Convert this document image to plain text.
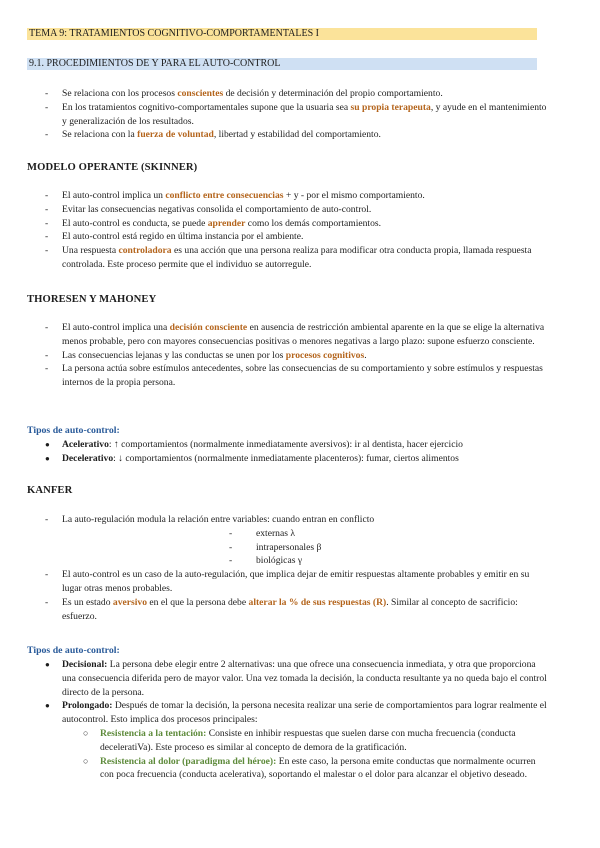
TEMA 9: TRATAMIENTOS COGNITIVO-COMPORTAMENTALES I
9.1. PROCEDIMIENTOS DE Y PARA EL AUTO-CONTROL
- Se relaciona con los procesos conscientes de decisión y determinación del propio comportamiento.
- En los tratamientos cognitivo-comportamentales supone que la usuaria sea su propia terapeuta, y ayude en el mantenimiento y generalización de los resultados.
- Se relaciona con la fuerza de voluntad, libertad y estabilidad del comportamiento.
MODELO OPERANTE (SKINNER)
- El auto-control implica un conflicto entre consecuencias + y - por el mismo comportamiento.
- Evitar las consecuencias negativas consolida el comportamiento de auto-control.
- El auto-control es conducta, se puede aprender como los demás comportamientos.
- El auto-control está regido en última instancia por el ambiente.
- Una respuesta controladora es una acción que una persona realiza para modificar otra conducta propia, llamada respuesta controlada. Este proceso permite que el individuo se autorregule.
THORESEN Y MAHONEY
- El auto-control implica una decisión consciente en ausencia de restricción ambiental aparente en la que se elige la alternativa menos probable, pero con mayores consecuencias positivas o menores negativas a largo plazo: supone esfuerzo consciente.
- Las consecuencias lejanas y las conductas se unen por los procesos cognitivos.
- La persona actúa sobre estímulos antecedentes, sobre las consecuencias de su comportamiento y sobre estímulos y respuestas internos de la propia persona.
Tipos de auto-control:
● Acelerativo: ↑ comportamientos (normalmente inmediatamente aversivos): ir al dentista, hacer ejercicio
● Decelerativo: ↓ comportamientos (normalmente inmediatamente placenteros): fumar, ciertos alimentos
KANFER
- La auto-regulación modula la relación entre variables: cuando entran en conflicto
- externas λ
- intrapersonales β
- biológicas γ
- El auto-control es un caso de la auto-regulación, que implica dejar de emitir respuestas altamente probables y emitir en su lugar otras menos probables.
- Es un estado aversivo en el que la persona debe alterar la % de sus respuestas (R). Similar al concepto de sacrificio: esfuerzo.
Tipos de auto-control:
● Decisional: La persona debe elegir entre 2 alternativas: una que ofrece una consecuencia inmediata, y otra que proporciona una consecuencia diferida pero de mayor valor. Una vez tomada la decisión, la conducta resultante ya no queda bajo el control directo de la persona.
● Prolongado: Después de tomar la decisión, la persona necesita realizar una serie de comportamientos para lograr realmente el autocontrol. Esto implica dos procesos principales:
○ Resistencia a la tentación: Consiste en inhibir respuestas que suelen darse con mucha frecuencia (conducta deceleratiVa). Este proceso es similar al concepto de demora de la gratificación.
○ Resistencia al dolor (paradigma del héroe): En este caso, la persona emite conductas que normalmente ocurren con poca frecuencia (conducta acelerativa), soportando el malestar o el dolor para alcanzar el objetivo deseado.
